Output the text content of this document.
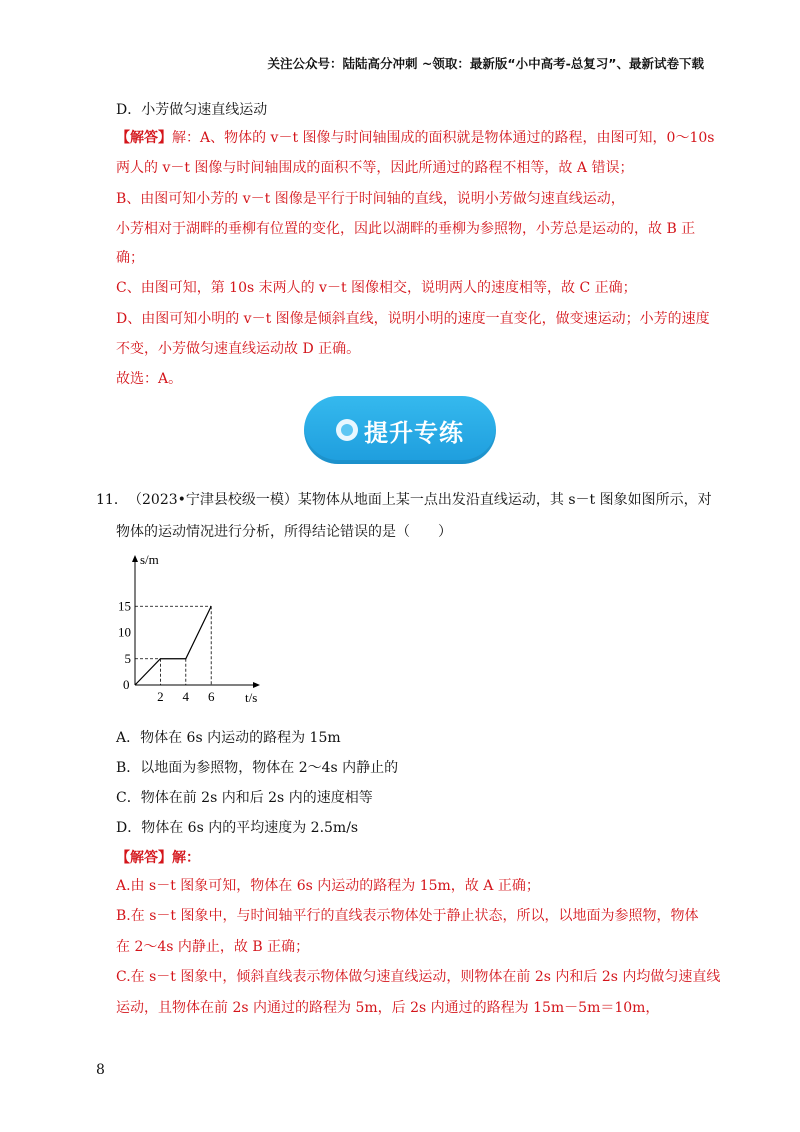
关注公众号：陆陆高分冲刺 ~领取：最新版“小中高考-总复习”、最新试卷下载
D．小芳做匀速直线运动
【解答】解：A、物体的 v－t 图像与时间轴围成的面积就是物体通过的路程，由图可知，0～10s
两人的 v－t 图像与时间轴围成的面积不等，因此所通过的路程不相等，故 A 错误；
B、由图可知小芳的 v－t 图像是平行于时间轴的直线，说明小芳做匀速直线运动，
小芳相对于湖畔的垂柳有位置的变化，因此以湖畔的垂柳为参照物，小芳总是运动的，故 B 正
确；
C、由图可知，第 10s 末两人的 v－t 图像相交，说明两人的速度相等，故 C 正确；
D、由图可知小明的 v－t 图像是倾斜直线，说明小明的速度一直变化，做变速运动；小芳的速度
不变，小芳做匀速直线运动故 D 正确。
故选：A。
提升专练
11． （2023•宁津县校级一模）某物体从地面上某一点出发沿直线运动，其 s－t 图象如图所示，对
物体的运动情况进行分析，所得结论错误的是（　　）
s/m
t/s
0
5
10
15
2 4 6
A．物体在 6s 内运动的路程为 15m
B．以地面为参照物，物体在 2～4s 内静止的
C．物体在前 2s 内和后 2s 内的速度相等
D．物体在 6s 内的平均速度为 2.5m/s
【解答】解：
A.由 s－t 图象可知，物体在 6s 内运动的路程为 15m，故 A 正确；
B.在 s－t 图象中，与时间轴平行的直线表示物体处于静止状态，所以，以地面为参照物，物体
在 2～4s 内静止，故 B 正确；
C.在 s－t 图象中，倾斜直线表示物体做匀速直线运动，则物体在前 2s 内和后 2s 内均做匀速直线
运动，且物体在前 2s 内通过的路程为 5m，后 2s 内通过的路程为 15m－5m＝10m，
8
